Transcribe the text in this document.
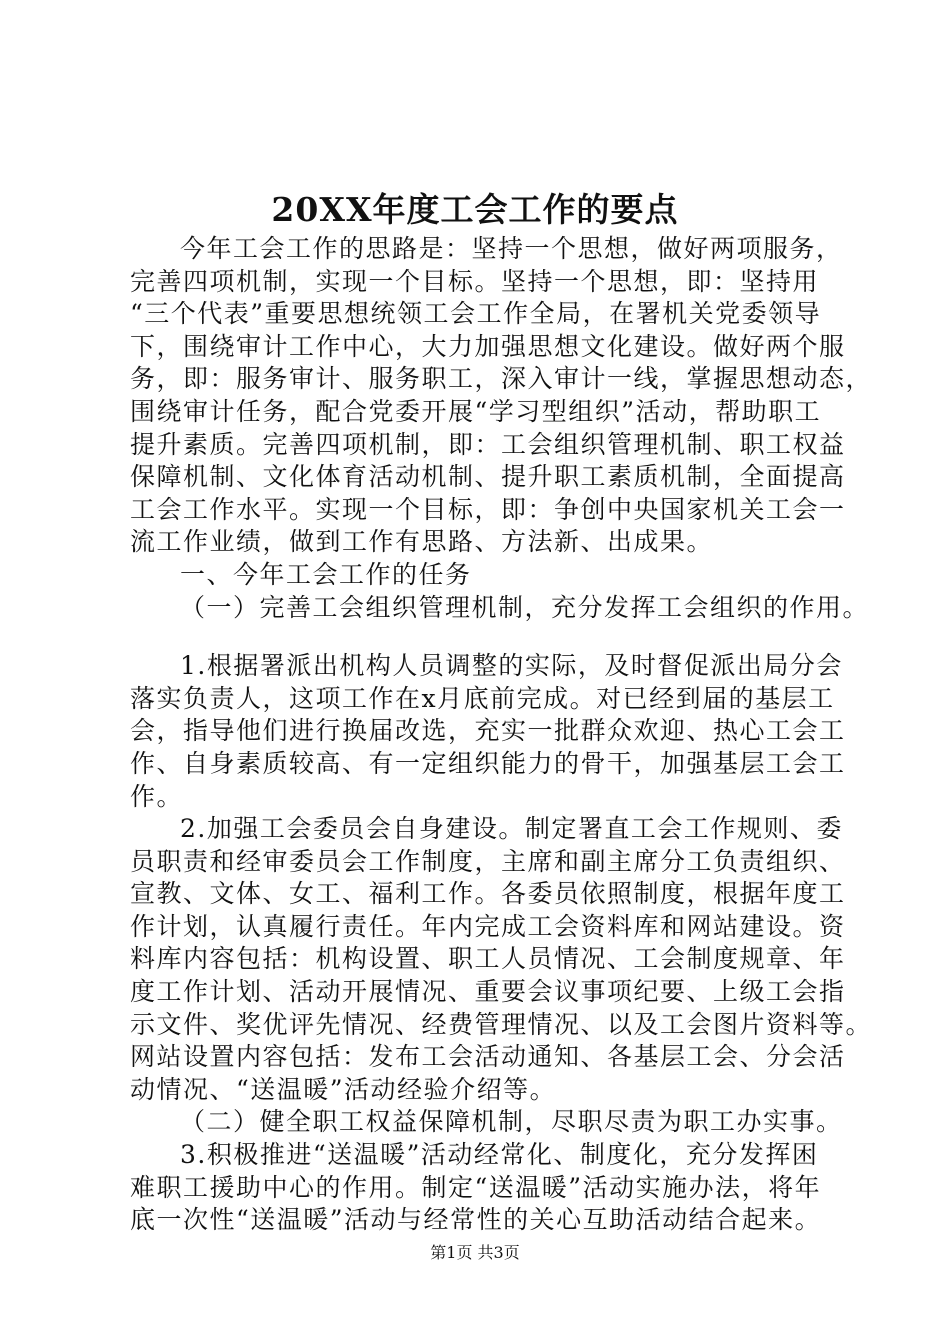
20XX年度工会工作的要点
今年工会工作的思路是：坚持一个思想，做好两项服务，
完善四项机制，实现一个目标。坚持一个思想，即：坚持用
“三个代表”重要思想统领工会工作全局，在署机关党委领导
下，围绕审计工作中心，大力加强思想文化建设。做好两个服
务，即：服务审计、服务职工，深入审计一线，掌握思想动态，
围绕审计任务，配合党委开展“学习型组织”活动，帮助职工
提升素质。完善四项机制，即：工会组织管理机制、职工权益
保障机制、文化体育活动机制、提升职工素质机制，全面提高
工会工作水平。实现一个目标，即：争创中央国家机关工会一
流工作业绩，做到工作有思路、方法新、出成果。
一、今年工会工作的任务
（一）完善工会组织管理机制，充分发挥工会组织的作用。
1.根据署派出机构人员调整的实际，及时督促派出局分会
落实负责人，这项工作在x月底前完成。对已经到届的基层工
会，指导他们进行换届改选，充实一批群众欢迎、热心工会工
作、自身素质较高、有一定组织能力的骨干，加强基层工会工
作。
2.加强工会委员会自身建设。制定署直工会工作规则、委
员职责和经审委员会工作制度，主席和副主席分工负责组织、
宣教、文体、女工、福利工作。各委员依照制度，根据年度工
作计划，认真履行责任。年内完成工会资料库和网站建设。资
料库内容包括：机构设置、职工人员情况、工会制度规章、年
度工作计划、活动开展情况、重要会议事项纪要、上级工会指
示文件、奖优评先情况、经费管理情况、以及工会图片资料等。
网站设置内容包括：发布工会活动通知、各基层工会、分会活
动情况、“送温暖”活动经验介绍等。
（二）健全职工权益保障机制，尽职尽责为职工办实事。
3.积极推进“送温暖”活动经常化、制度化，充分发挥困
难职工援助中心的作用。制定“送温暖”活动实施办法，将年
底一次性“送温暖”活动与经常性的关心互助活动结合起来。
第1页 共3页
